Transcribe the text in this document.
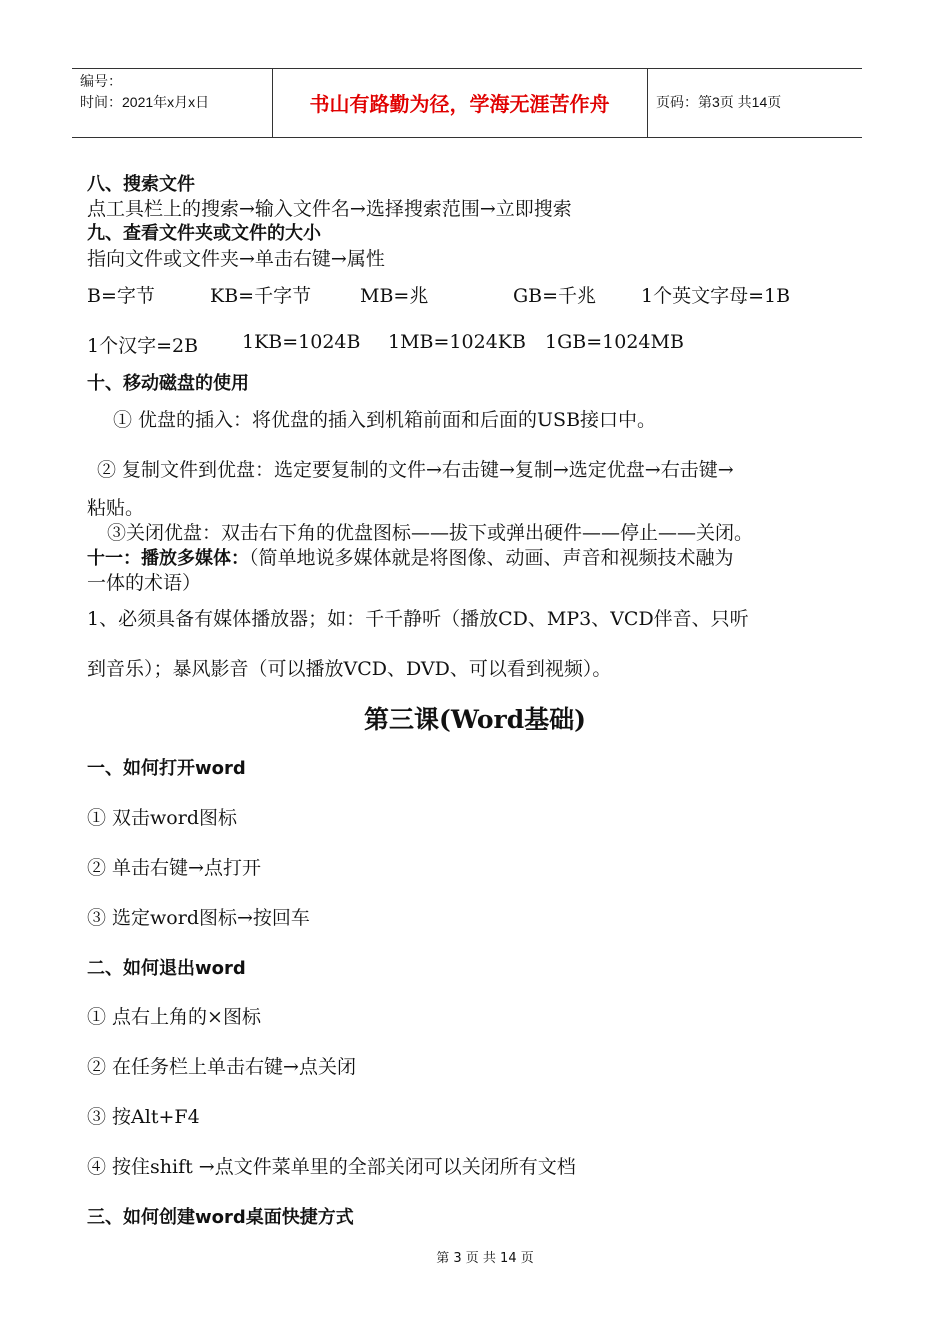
编号：
时间：2021年x月x日	书山有路勤为径，学海无涯苦作舟	页码：第3页 共14页
八、搜索文件
点工具栏上的搜索→输入文件名→选择搜索范围→立即搜索
九、查看文件夹或文件的大小
指向文件或文件夹→单击右键→属性
B=字节	KB=千字节	MB=兆	GB=千兆 1个英文字母=1B
1个汉字=2B 1KB=1024B 1MB=1024KB 1GB=1024MB
十、移动磁盘的使用
① 优盘的插入：将优盘的插入到机箱前面和后面的USB接口中。
② 复制文件到优盘：选定要复制的文件→右击键→复制→选定优盘→右击键→
粘贴。
③关闭优盘：双击右下角的优盘图标——拔下或弹出硬件——停止——关闭。
十一：播放多媒体：（简单地说多媒体就是将图像、动画、声音和视频技术融为
一体的术语）
1、必须具备有媒体播放器；如：千千静听（播放CD、MP3、VCD伴音、只听
到音乐）；暴风影音（可以播放VCD、DVD、可以看到视频）。
第三课(Word基础)
一、如何打开word
① 双击word图标
② 单击右键→点打开
③ 选定word图标→按回车
二、如何退出word
① 点右上角的×图标
② 在任务栏上单击右键→点关闭
③ 按Alt+F4
④ 按住shift →点文件菜单里的全部关闭可以关闭所有文档
三、如何创建word桌面快捷方式
第 3 页 共 14 页
